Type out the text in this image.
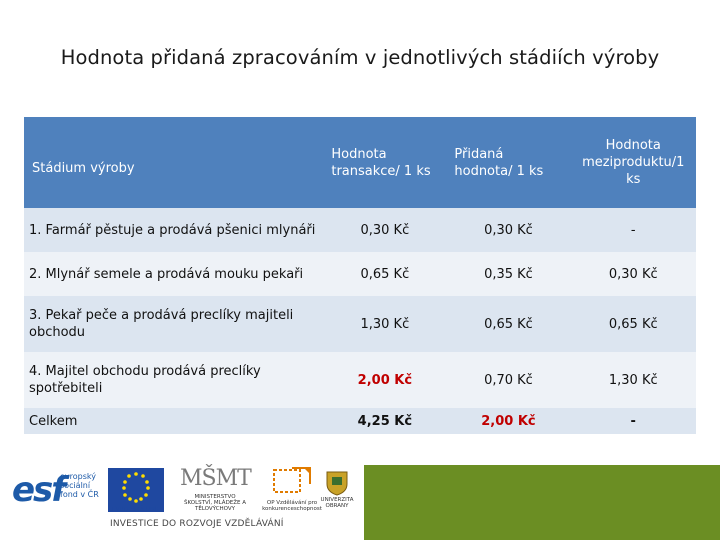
Hodnota přidaná zpracováním v jednotlivých stádiích výroby
Stádium výroby	Hodnota transakce/ 1 ks	Přidaná hodnota/ 1 ks	Hodnota meziproduktu/1 ks
1. Farmář pěstuje a prodává pšenici mlynáři	0,30 Kč	0,30 Kč	-
2. Mlynář semele a prodává mouku pekaři	0,65 Kč	0,35 Kč	0,30 Kč
3. Pekař peče a prodává preclíky majiteli obchodu	1,30 Kč	0,65 Kč	0,65 Kč
4. Majitel obchodu prodává preclíky spotřebiteli	2,00 Kč	0,70 Kč	1,30 Kč
Celkem	4,25 Kč	2,00 Kč	-
esf
evropský sociální fond v ČR
EVROPSKÁ UNIE
MŠMT
MINISTERSTVO ŠKOLSTVÍ, MLÁDEŽE A TĚLOVÝCHOVY
OP Vzdělávání pro konkurenceschopnost
UNIVERZITA OBRANY
INVESTICE DO ROZVOJE VZDĚLÁVÁNÍ
